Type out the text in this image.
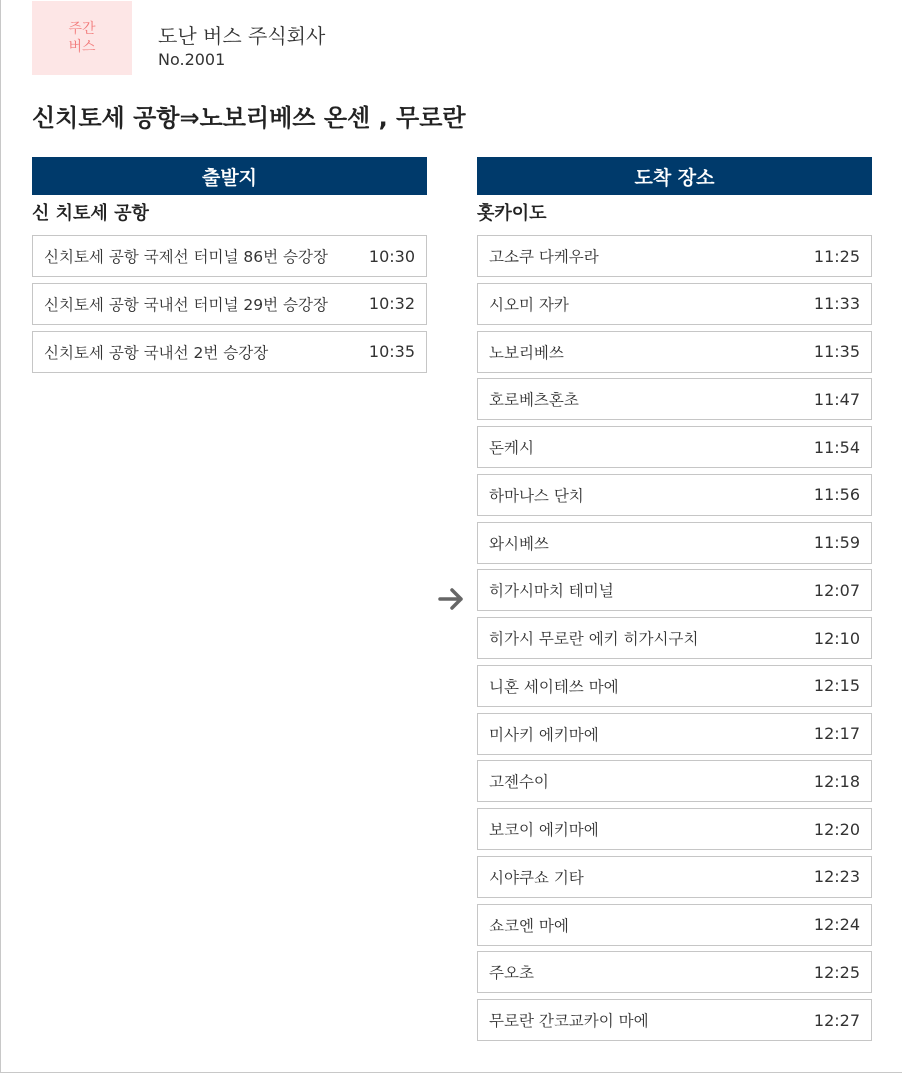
주간
버스	도난 버스 주식회사
No.2001
신치토세 공항⇒노보리베쓰 온센 , 무로란
출발지
신 치토세 공항
신치토세 공항 국제선 터미널 86번 승강장	10:30
신치토세 공항 국내선 터미널 29번 승강장	10:32
신치토세 공항 국내선 2번 승강장	10:35
도착 장소
홋카이도
고소쿠 다케우라	11:25
시오미 자카	11:33
노보리베쓰	11:35
호로베츠혼초	11:47
돈케시	11:54
하마나스 단치	11:56
와시베쓰	11:59
히가시마치 테미널	12:07
히가시 무로란 에키 히가시구치	12:10
니혼 세이테쓰 마에	12:15
미사키 에키마에	12:17
고젠수이	12:18
보코이 에키마에	12:20
시야쿠쇼 기타	12:23
쇼코엔 마에	12:24
주오초	12:25
무로란 간코교카이 마에	12:27
